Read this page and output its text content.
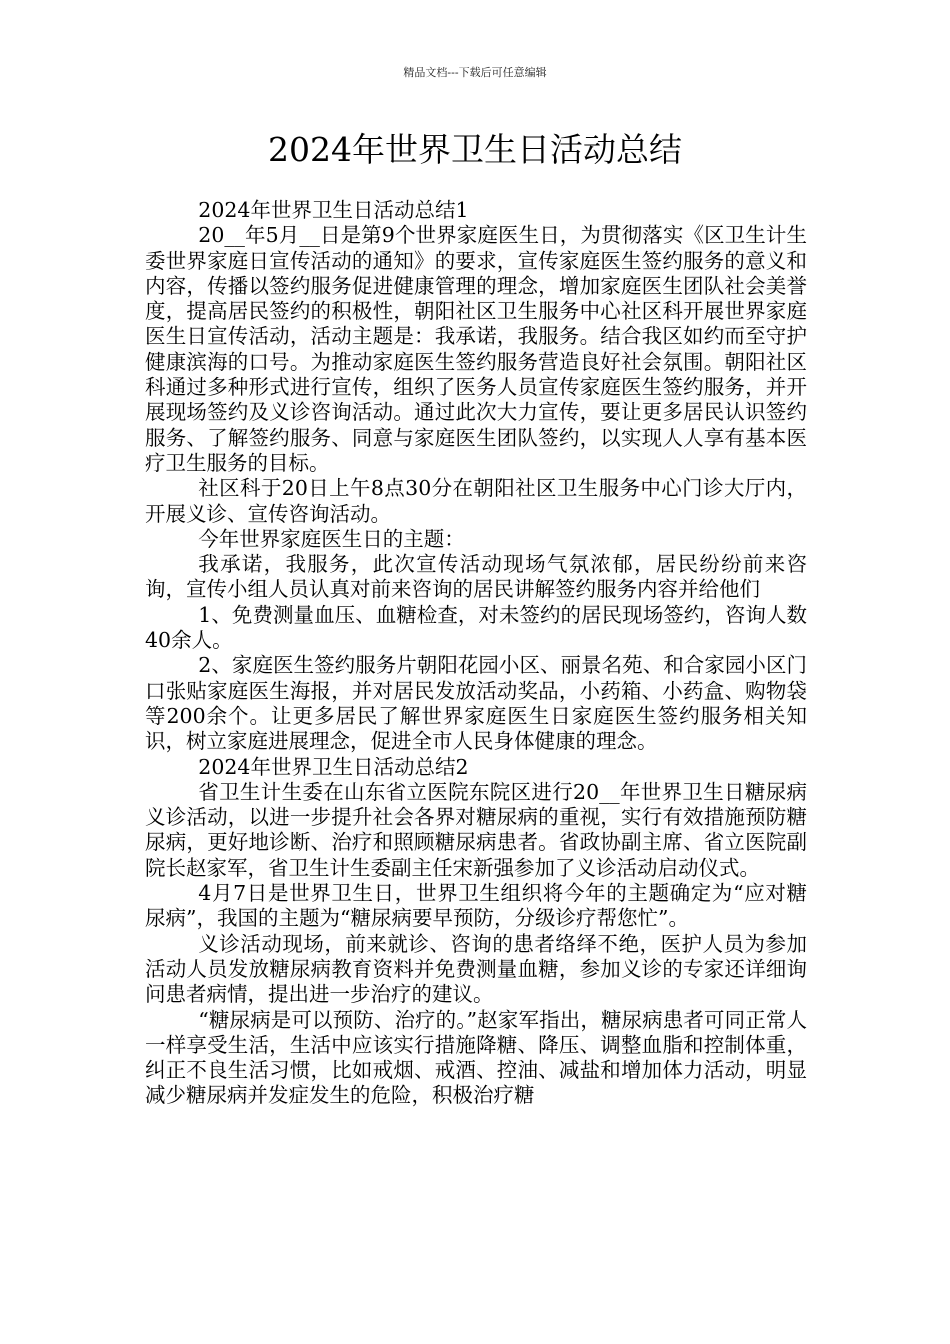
精品文档---下载后可任意编辑
2024年世界卫生日活动总结

2024年世界卫生日活动总结1

20__年5月__日是第9个世界家庭医生日，为贯彻落实《区卫生计生委世界家庭日宣传活动的通知》的要求，宣传家庭医生签约服务的意义和内容，传播以签约服务促进健康管理的理念，增加家庭医生团队社会美誉度，提高居民签约的积极性，朝阳社区卫生服务中心社区科开展世界家庭医生日宣传活动，活动主题是：我承诺，我服务。结合我区如约而至守护健康滨海的口号。为推动家庭医生签约服务营造良好社会氛围。朝阳社区科通过多种形式进行宣传，组织了医务人员宣传家庭医生签约服务，并开展现场签约及义诊咨询活动。通过此次大力宣传，要让更多居民认识签约服务、了解签约服务、同意与家庭医生团队签约，以实现人人享有基本医疗卫生服务的目标。

社区科于20日上午8点30分在朝阳社区卫生服务中心门诊大厅内，开展义诊、宣传咨询活动。

今年世界家庭医生日的主题：

我承诺，我服务，此次宣传活动现场气氛浓郁，居民纷纷前来咨询，宣传小组人员认真对前来咨询的居民讲解签约服务内容并给他们

1、免费测量血压、血糖检查，对未签约的居民现场签约，咨询人数40余人。

2、家庭医生签约服务片朝阳花园小区、丽景名苑、和合家园小区门口张贴家庭医生海报，并对居民发放活动奖品，小药箱、小药盒、购物袋等200余个。让更多居民了解世界家庭医生日家庭医生签约服务相关知识，树立家庭进展理念，促进全市人民身体健康的理念。

2024年世界卫生日活动总结2

省卫生计生委在山东省立医院东院区进行20__年世界卫生日糖尿病义诊活动，以进一步提升社会各界对糖尿病的重视，实行有效措施预防糖尿病，更好地诊断、治疗和照顾糖尿病患者。省政协副主席、省立医院副院长赵家军，省卫生计生委副主任宋新强参加了义诊活动启动仪式。

4月7日是世界卫生日，世界卫生组织将今年的主题确定为“应对糖尿病”，我国的主题为“糖尿病要早预防，分级诊疗帮您忙”。

义诊活动现场，前来就诊、咨询的患者络绎不绝，医护人员为参加活动人员发放糖尿病教育资料并免费测量血糖，参加义诊的专家还详细询问患者病情，提出进一步治疗的建议。

“糖尿病是可以预防、治疗的。”赵家军指出，糖尿病患者可同正常人一样享受生活，生活中应该实行措施降糖、降压、调整血脂和控制体重，纠正不良生活习惯，比如戒烟、戒酒、控油、减盐和增加体力活动，明显减少糖尿病并发症发生的危险，积极治疗糖
